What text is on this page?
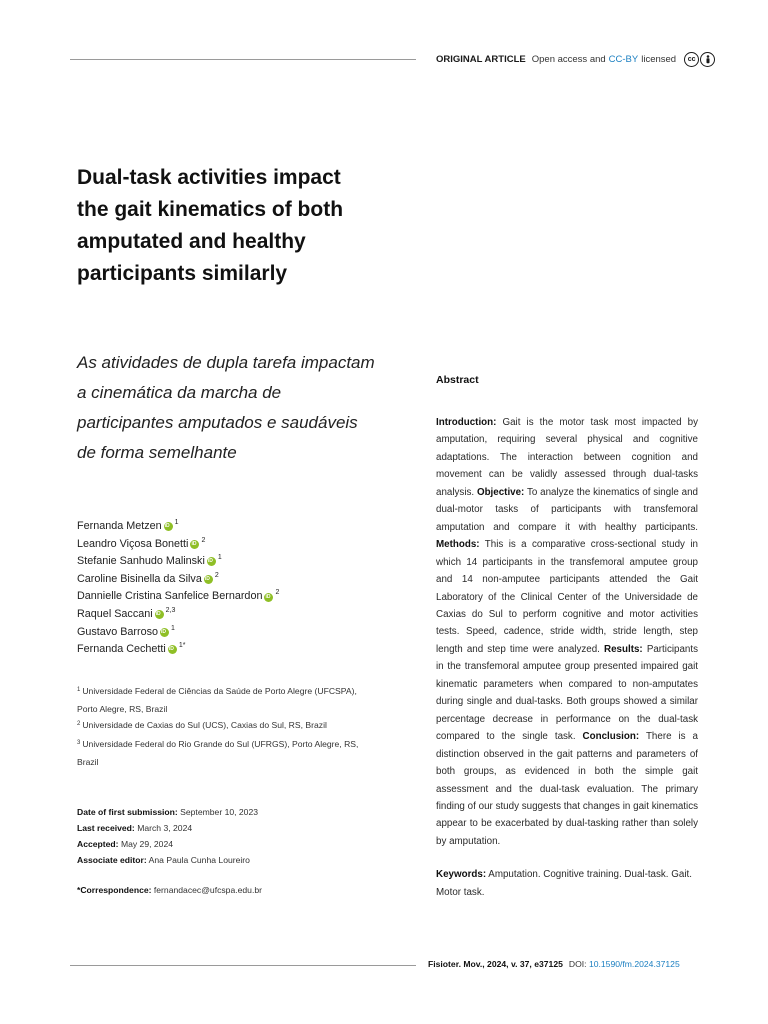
ORIGINAL ARTICLE Open access and CC-BY licensed	cc
Dual-task activities impact the gait kinematics of both amputated and healthy participants similarly
As atividades de dupla tarefa impactam a cinemática da marcha de participantes amputados e saudáveis de forma semelhante
Fernanda Metzen iD 1
Leandro Viçosa Bonetti iD 2
Stefanie Sanhudo Malinski iD 1
Caroline Bisinella da Silva iD 2
Dannielle Cristina Sanfelice Bernardon iD 2
Raquel Saccani iD 2,3
Gustavo Barroso iD 1
Fernanda Cechetti iD 1*

$^1$ Universidade Federal de Ciências da Saúde de Porto Alegre (UFCSPA), Porto Alegre, RS, Brazil

$^2$ Universidade de Caxias do Sul (UCS), Caxias do Sul, RS, Brazil

$^3$ Universidade Federal do Rio Grande do Sul (UFRGS), Porto Alegre, RS, Brazil

Date of first submission: September 10, 2023
Last received: March 3, 2024
Accepted: May 29, 2024
Associate editor: Ana Paula Cunha Loureiro
*Correspondence: fernandacec@ufcspa.edu.br
Abstract

Introduction: Gait is the motor task most impacted by amputation, requiring several physical and cognitive adaptations. The interaction between cognition and movement can be validly assessed through dual-tasks analysis. Objective: To analyze the kinematics of single and dual-motor tasks of participants with transfemoral amputation and compare it with healthy participants. Methods: This is a comparative cross-sectional study in which 14 participants in the transfemoral amputee group and 14 non-amputee participants attended the Gait Laboratory of the Clinical Center of the Universidade de Caxias do Sul to perform cognitive and motor activities tests. Speed, cadence, stride width, stride length, step length and step time were analyzed. Results: Participants in the transfemoral amputee group presented impaired gait kinematic parameters when compared to non-amputates during single and dual-tasks. Both groups showed a similar percentage decrease in performance on the dual-task compared to the single task. Conclusion: There is a distinction observed in the gait patterns and parameters of both groups, as evidenced in both the simple gait assessment and the dual-task evaluation. The primary finding of our study suggests that changes in gait kinematics appear to be exacerbated by dual-tasking rather than solely by amputation.

Keywords: Amputation. Cognitive training. Dual-task. Gait. Motor task.

Fisioter. Mov., 2024, v. 37, e37125 DOI: 10.1590/fm.2024.37125
